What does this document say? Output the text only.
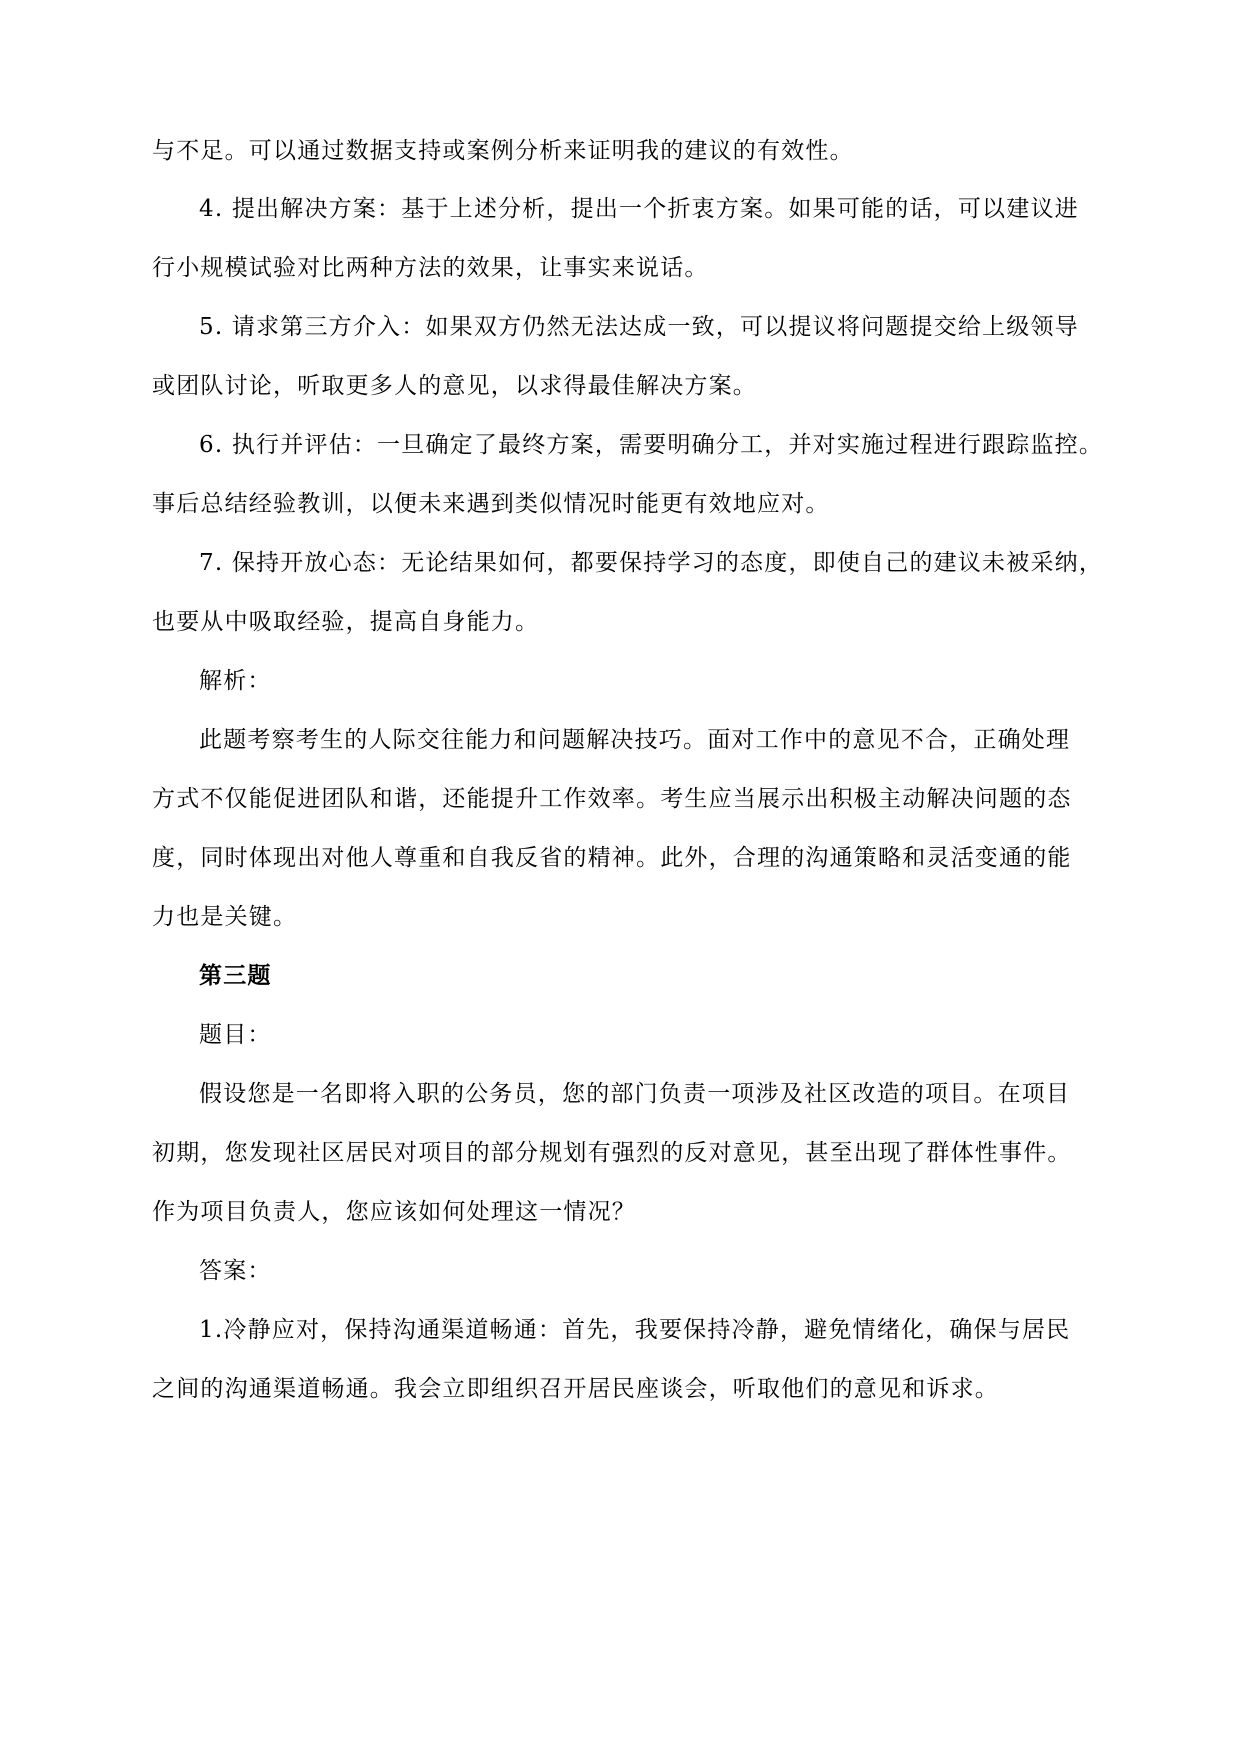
与不足。可以通过数据支持或案例分析来证明我的建议的有效性。
4. 提出解决方案：基于上述分析，提出一个折衷方案。如果可能的话，可以建议进
行小规模试验对比两种方法的效果，让事实来说话。
5. 请求第三方介入：如果双方仍然无法达成一致，可以提议将问题提交给上级领导
或团队讨论，听取更多人的意见，以求得最佳解决方案。
6. 执行并评估：一旦确定了最终方案，需要明确分工，并对实施过程进行跟踪监控。
事后总结经验教训，以便未来遇到类似情况时能更有效地应对。
7. 保持开放心态：无论结果如何，都要保持学习的态度，即使自己的建议未被采纳，
也要从中吸取经验，提高自身能力。
解析：
此题考察考生的人际交往能力和问题解决技巧。面对工作中的意见不合，正确处理
方式不仅能促进团队和谐，还能提升工作效率。考生应当展示出积极主动解决问题的态
度，同时体现出对他人尊重和自我反省的精神。此外，合理的沟通策略和灵活变通的能
力也是关键。
第三题
题目：
假设您是一名即将入职的公务员，您的部门负责一项涉及社区改造的项目。在项目
初期，您发现社区居民对项目的部分规划有强烈的反对意见，甚至出现了群体性事件。
作为项目负责人，您应该如何处理这一情况？
答案：
1.冷静应对，保持沟通渠道畅通：首先，我要保持冷静，避免情绪化，确保与居民
之间的沟通渠道畅通。我会立即组织召开居民座谈会，听取他们的意见和诉求。
